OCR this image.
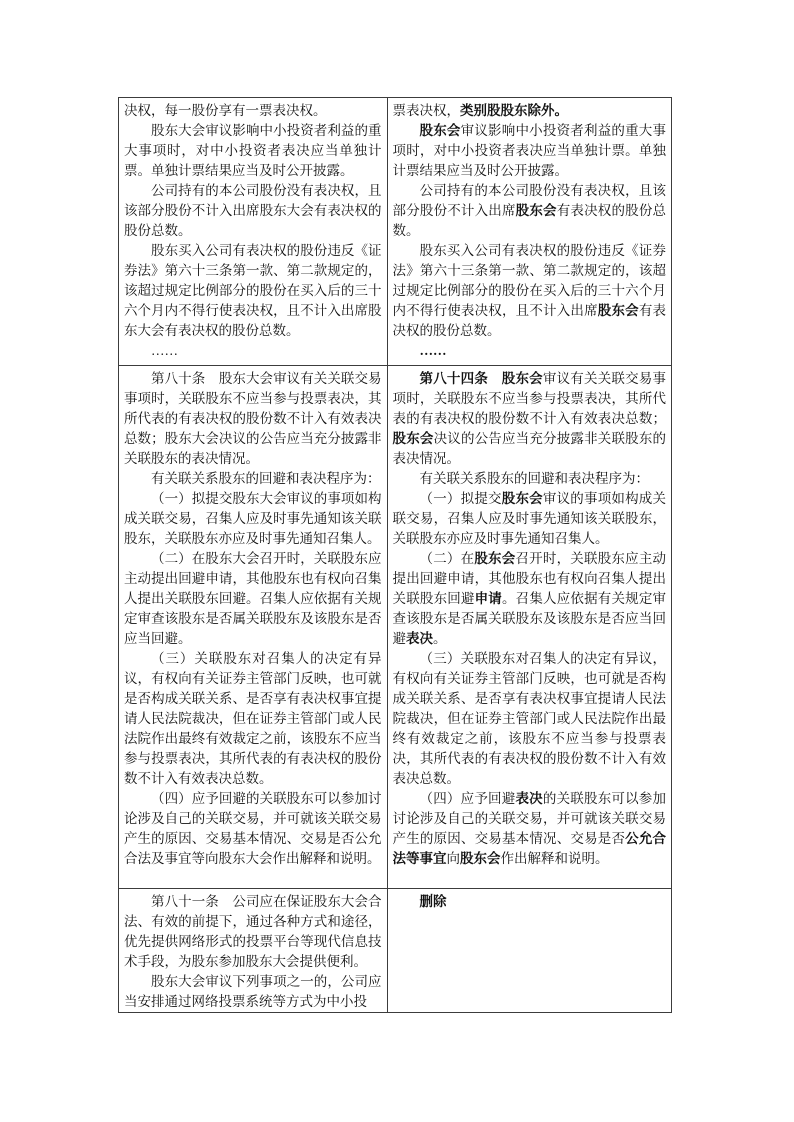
决权，每一股份享有一票表决权。

股东大会审议影响中小投资者利益的重大事项时，对中小投资者表决应当单独计票。单独计票结果应当及时公开披露。

公司持有的本公司股份没有表决权，且该部分股份不计入出席股东大会有表决权的股份总数。

股东买入公司有表决权的股份违反《证券法》第六十三条第一款、第二款规定的，该超过规定比例部分的股份在买入后的三十六个月内不得行使表决权，且不计入出席股东大会有表决权的股份总数。

……

票表决权，类别股股东除外。

股东会审议影响中小投资者利益的重大事项时，对中小投资者表决应当单独计票。单独计票结果应当及时公开披露。

公司持有的本公司股份没有表决权，且该部分股份不计入出席股东会有表决权的股份总数。

股东买入公司有表决权的股份违反《证券法》第六十三条第一款、第二款规定的，该超过规定比例部分的股份在买入后的三十六个月内不得行使表决权，且不计入出席股东会有表决权的股份总数。

……

第八十条　股东大会审议有关关联交易事项时，关联股东不应当参与投票表决，其所代表的有表决权的股份数不计入有效表决总数；股东大会决议的公告应当充分披露非关联股东的表决情况。

有关联关系股东的回避和表决程序为：

（一）拟提交股东大会审议的事项如构成关联交易，召集人应及时事先通知该关联股东，关联股东亦应及时事先通知召集人。

（二）在股东大会召开时，关联股东应主动提出回避申请，其他股东也有权向召集人提出关联股东回避。召集人应依据有关规定审查该股东是否属关联股东及该股东是否应当回避。

（三）关联股东对召集人的决定有异议，有权向有关证券主管部门反映，也可就是否构成关联关系、是否享有表决权事宜提请人民法院裁决，但在证券主管部门或人民法院作出最终有效裁定之前，该股东不应当参与投票表决，其所代表的有表决权的股份数不计入有效表决总数。

（四）应予回避的关联股东可以参加讨论涉及自己的关联交易，并可就该关联交易产生的原因、交易基本情况、交易是否公允合法及事宜等向股东大会作出解释和说明。

第八十四条　股东会审议有关关联交易事项时，关联股东不应当参与投票表决，其所代表的有表决权的股份数不计入有效表决总数；股东会决议的公告应当充分披露非关联股东的表决情况。

有关联关系股东的回避和表决程序为：

（一）拟提交股东会审议的事项如构成关联交易，召集人应及时事先通知该关联股东，关联股东亦应及时事先通知召集人。

（二）在股东会召开时，关联股东应主动提出回避申请，其他股东也有权向召集人提出关联股东回避申请。召集人应依据有关规定审查该股东是否属关联股东及该股东是否应当回避表决。

（三）关联股东对召集人的决定有异议，有权向有关证券主管部门反映，也可就是否构成关联关系、是否享有表决权事宜提请人民法院裁决，但在证券主管部门或人民法院作出最终有效裁定之前，该股东不应当参与投票表决，其所代表的有表决权的股份数不计入有效表决总数。

（四）应予回避表决的关联股东可以参加讨论涉及自己的关联交易，并可就该关联交易产生的原因、交易基本情况、交易是否公允合法等事宜向股东会作出解释和说明。

第八十一条　公司应在保证股东大会合法、有效的前提下，通过各种方式和途径，优先提供网络形式的投票平台等现代信息技术手段，为股东参加股东大会提供便利。

股东大会审议下列事项之一的，公司应当安排通过网络投票系统等方式为中小投

删除
